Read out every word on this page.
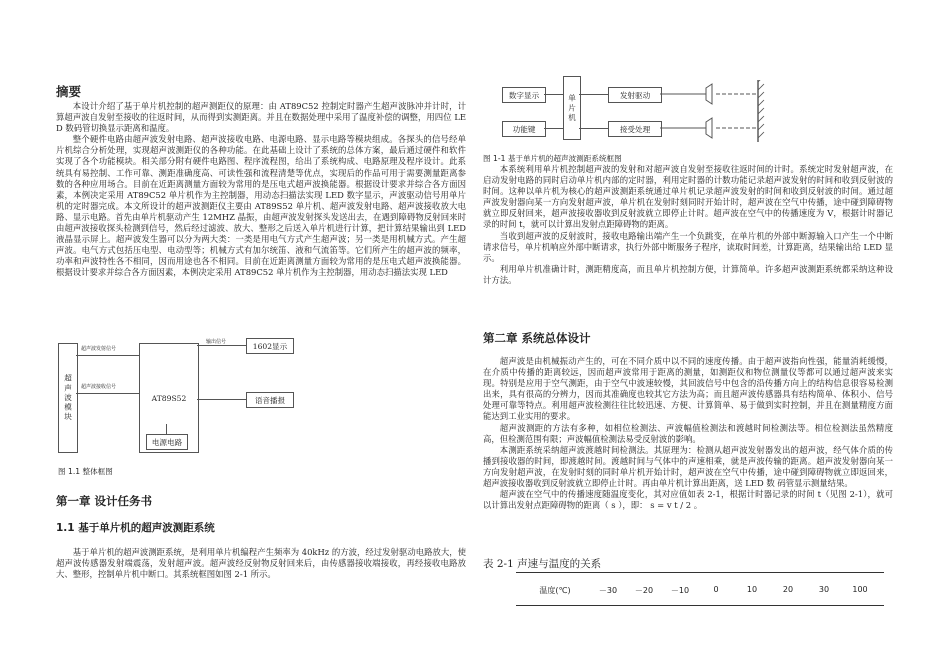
摘要

本设计介绍了基于单片机控制的超声测距仪的原理：由 AT89C52 控制定时器产生超声波脉冲并计时，计算超声波自发射至接收的往返时间，从而得到实测距离。并且在数据处理中采用了温度补偿的调整，用四位 LED 数码管切换显示距离和温度。

整个硬件电路由超声波发射电路、超声波接收电路、电源电路、显示电路等模块组成。各探头的信号经单片机综合分析处理，实现超声波测距仪的各种功能。在此基础上设计了系统的总体方案，最后通过硬件和软件实现了各个功能模块。相关部分附有硬件电路图、程序流程图，给出了系统构成、电路原理及程序设计。此系统具有易控制、工作可靠、测距准确度高、可读性强和流程清楚等优点，实现后的作品可用于需要测量距离参数的各种应用场合。目前在近距离测量方面较为常用的是压电式超声波换能器。根据设计要求并综合各方面因素，本例决定采用 AT89C52 单片机作为主控制器，用动态扫描法实现 LED 数字显示，声波驱动信号用单片机的定时器完成。本文所设计的超声波测距仪主要由 AT89S52 单片机、超声波发射电路、超声波接收放大电路、显示电路。首先由单片机驱动产生 12MHZ 晶振，由超声波发射探头发送出去，在遇到障碍物反射回来时由超声波接收探头检测到信号，然后经过滤波、放大、整形之后送入单片机进行计算，把计算结果输出到 LED 液晶显示屏上。超声波发生器可以分为两大类：一类是用电气方式产生超声波；另一类是用机械方式。产生超声波。电气方式包括压电型、电动型等；机械方式有加尔统笛、液和气流笛等。它们所产生的超声波的频率，功率和声波特性各不相同，因而用途也各不相同。目前在近距离测量方面较为常用的是压电式超声波换能器。根据设计要求并综合各方面因素，本例决定采用 AT89C52 单片机作为主控制器，用动态扫描法实现 LED

超声波模块	AT89S52
1602显示
语音播报
电源电路
超声波发射信号
超声波接收信号
输出信号
图 1.1 整体框图
第一章 设计任务书
1.1 基于单片机的超声波测距系统

基于单片机的超声波测距系统，是利用单片机编程产生频率为 40kHz 的方波，经过发射驱动电路放大，使超声波传感器发射端震荡，发射超声波。超声波经反射物反射回来后，由传感器接收端接收，再经接收电路放大、整形，控制单片机中断口。其系统框图如图 2-1 所示。

数字显示
功能键
单片机	发射驱动
接受处理
图 1-1 基于单片机的超声波测距系统框图

本系统利用单片机控制超声波的发射和对超声波自发射至接收往返时间的计时。系统定时发射超声波，在启动发射电路的同时启动单片机内部的定时器，利用定时器的计数功能记录超声波发射的时间和收到反射波的时间。这种以单片机为核心的超声波测距系统通过单片机记录超声波发射的时间和收到反射波的时间。通过超声波发射器向某一方向发射超声波，单片机在发射时刻同时开始计时，超声波在空气中传播，途中碰到障碍物就立即反射回来，超声波接收器收到反射波就立即停止计时。超声波在空气中的传播速度为 V，根据计时器记录的时间 t，就可以计算出发射点距障碍物的距离。

当收到超声波的反射波时，接收电路输出端产生一个负跳变，在单片机的外部中断源输入口产生一个中断请求信号，单片机响应外部中断请求，执行外部中断服务子程序，读取时间差，计算距离，结果输出给 LED 显示。

利用单片机准确计时，测距精度高，而且单片机控制方便，计算简单。许多超声波测距系统都采纳这种设计方法。

第二章 系统总体设计

超声波是由机械振动产生的，可在不同介质中以不同的速度传播。由于超声波指向性强，能量消耗缓慢，在介质中传播的距离较远，因而超声波常用于距离的测量，如测距仪和物位测量仪等都可以通过超声波来实现。特别是应用于空气测距，由于空气中波速较慢，其回波信号中包含的沿传播方向上的结构信息很容易检测出来，具有很高的分辨力，因而其准确度也较其它方法为高；而且超声波传感器具有结构简单、体积小、信号处理可靠等特点。利用超声波检测往往比较迅速、方便、计算简单、易于做到实时控制，并且在测量精度方面能达到工业实用的要求。

超声波测距的方法有多种，如相位检测法、声波幅值检测法和渡越时间检测法等。相位检测法虽然精度高，但检测范围有限；声波幅值检测法易受反射波的影响。

本测距系统采纳超声波渡越时间检测法。其原理为：检测从超声波发射器发出的超声波，经气体介质的传播到接收器的时间，即渡越时间。渡越时间与气体中的声速相乘，就是声波传输的距离。超声波发射器向某一方向发射超声波，在发射时刻的同时单片机开始计时，超声波在空气中传播，途中碰到障碍物就立即返回来，超声波接收器收到反射波就立即停止计时。再由单片机计算出距离，送 LED 数 码管显示测量结果。

超声波在空气中的传播速度随温度变化，其对应值如表 2-1，根据计时器记录的时间 t（见图 2-1），就可以计算出发射点距障碍物的距离（ s ），即： s = v t / 2 。

表 2-1 声速与温度的关系
温度(℃)	－30	－20	－10	0	10	20	30	100
